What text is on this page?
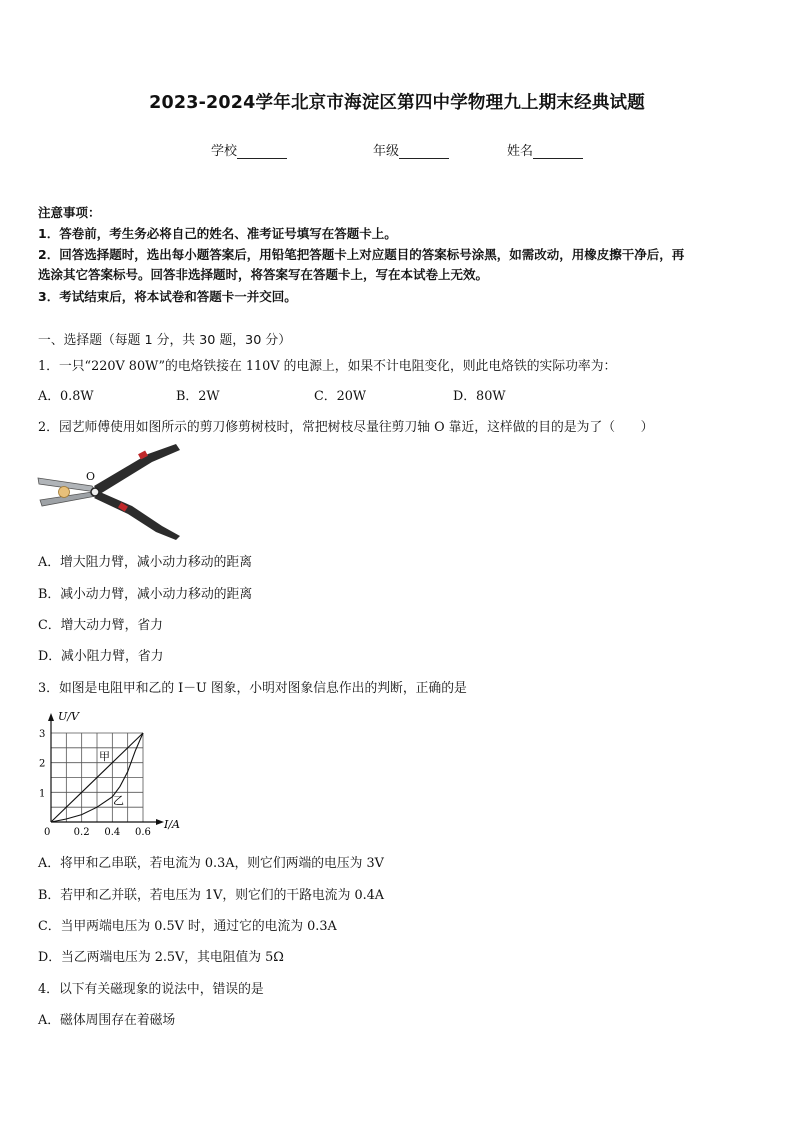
2023-2024学年北京市海淀区第四中学物理九上期末经典试题
学校	年级	姓名
注意事项：
1．答卷前，考生务必将自己的姓名、准考证号填写在答题卡上。
2．回答选择题时，选出每小题答案后，用铅笔把答题卡上对应题目的答案标号涂黑，如需改动，用橡皮擦干净后，再
选涂其它答案标号。回答非选择题时，将答案写在答题卡上，写在本试卷上无效。
3．考试结束后，将本试卷和答题卡一并交回。
一、选择题（每题 1 分，共 30 题，30 分）
1．一只“220V 80W”的电烙铁接在 110V 的电源上，如果不计电阻变化，则此电烙铁的实际功率为：
A．0.8W	B．2W	C．20W	D．80W
2．园艺师傅使用如图所示的剪刀修剪树枝时，常把树枝尽量往剪刀轴 O 靠近，这样做的目的是为了（　　）
O
A．增大阻力臂，减小动力移动的距离
B．减小动力臂，减小动力移动的距离
C．增大动力臂，省力
D．减小阻力臂，省力
3．如图是电阻甲和乙的 I－U 图象，小明对图象信息作出的判断，正确的是
0 0.2 0.4 0.6
1
2
3
U/V
I/A
甲
乙
A．将甲和乙串联，若电流为 0.3A，则它们两端的电压为 3V
B．若甲和乙并联，若电压为 1V，则它们的干路电流为 0.4A
C．当甲两端电压为 0.5V 时，通过它的电流为 0.3A
D．当乙两端电压为 2.5V，其电阻值为 5Ω
4．以下有关磁现象的说法中，错误的是
A．磁体周围存在着磁场
